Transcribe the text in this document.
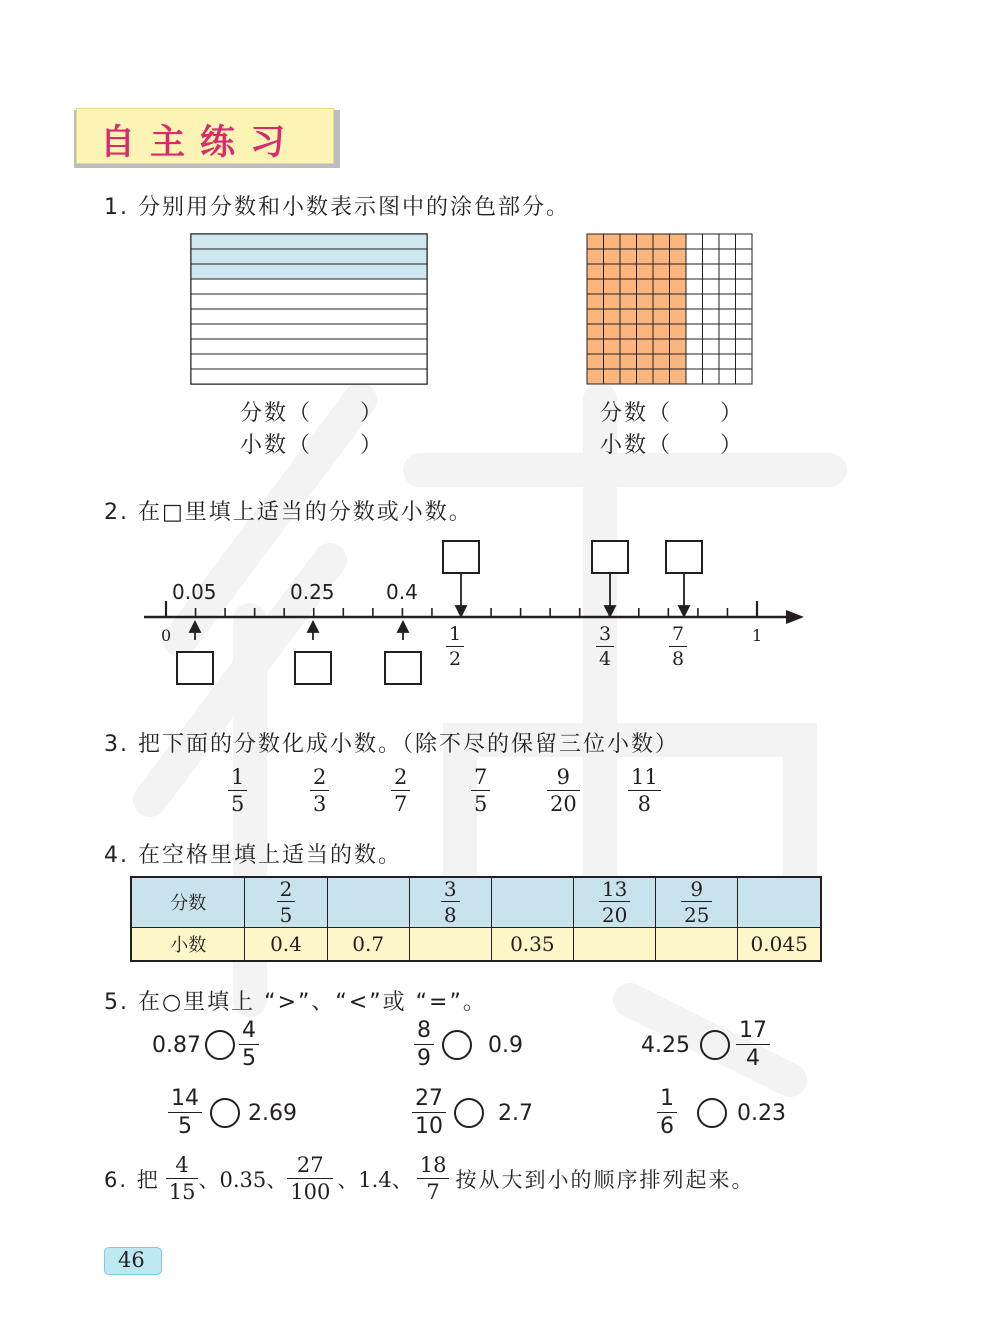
自主练习
1. 分别用分数和小数表示图中的涂色部分。
分数（　　）
小数（　　）
分数（　　）
小数（　　）
2. 在□里填上适当的分数或小数。
0	1
0.05	0.25	0.4
1
2
3
4
7
8
3. 把下面的分数化成小数。（除不尽的保留三位小数）
1
5
2
3
2
7
7
5
9
20
11
8
4. 在空格里填上适当的数。
分数	$\frac{2}{5}$		$\frac{3}{8}$		$\frac{13}{20}$	$\frac{9}{25}$

小数	0.4	0.7		0.35			0.045
5. 在○里填上 “>”、“<”或 “=”。
$0.87 \frac{4}{5}$	$\frac{8}{9} 0.9$	$4.25 \frac{17}{4}$
$\frac{14}{5} 2.69$	$\frac{27}{10} 2.7$	$\frac{1}{6}$	0.23
6. 把 $\frac{4}{15}$ 、0.35、 $\frac{27}{100}$ 、1.4、 $\frac{18}{7}$ 按从大到小的顺序排列起来。
46
